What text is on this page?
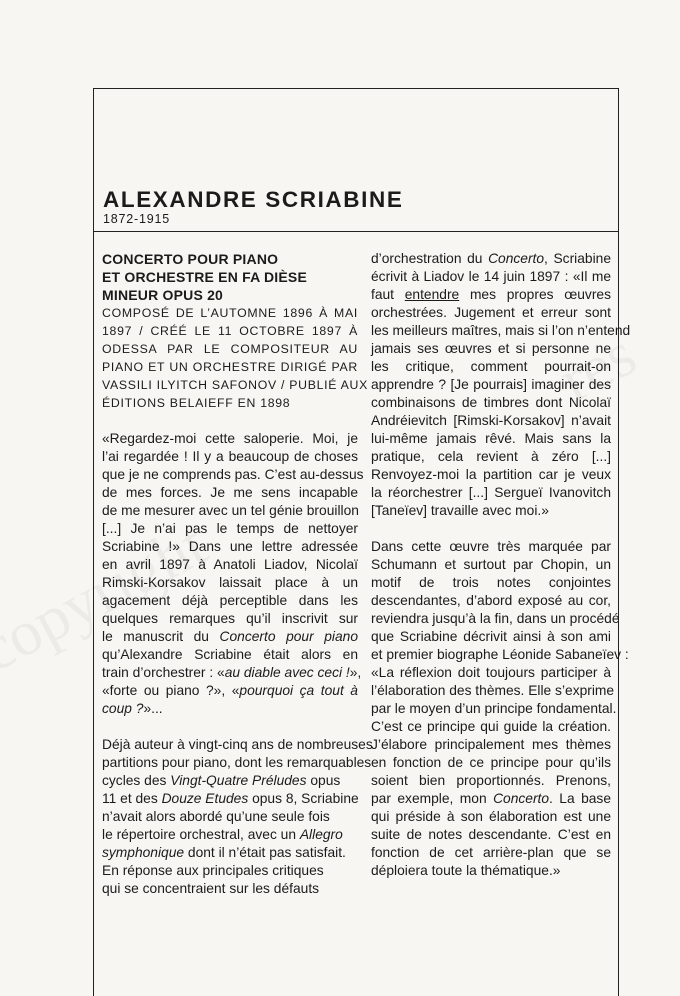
ALEXANDRE SCRIABINE
1872-1915
CONCERTO POUR PIANO
ET ORCHESTRE EN FA DIÈSE
MINEUR OPUS 20
COMPOSÉ DE L’AUTOMNE 1896 À MAI
1897 / CRÉÉ LE 11 OCTOBRE 1897 À
ODESSA PAR LE COMPOSITEUR AU
PIANO ET UN ORCHESTRE DIRIGÉ PAR
VASSILI ILYITCH SAFONOV / PUBLIÉ AUX
ÉDITIONS BELAIEFF EN 1898
«Regardez-moi cette saloperie. Moi, je
l’ai regardée ! Il y a beaucoup de choses
que je ne comprends pas. C’est au-dessus
de mes forces. Je me sens incapable
de me mesurer avec un tel génie brouillon
[...] Je n’ai pas le temps de nettoyer
Scriabine !» Dans une lettre adressée
en avril 1897 à Anatoli Liadov, Nicolaï
Rimski-Korsakov laissait place à un
agacement déjà perceptible dans les
quelques remarques qu’il inscrivit sur
le manuscrit du Concerto pour piano
qu’Alexandre Scriabine était alors en
train d’orchestrer : «au diable avec ceci !»,
«forte ou piano ?», «pourquoi ça tout à
coup ?»...
Déjà auteur à vingt-cinq ans de nombreuses
partitions pour piano, dont les remarquables
cycles des Vingt-Quatre Préludes opus
11 et des Douze Etudes opus 8, Scriabine
n’avait alors abordé qu’une seule fois
le répertoire orchestral, avec un Allegro
symphonique dont il n’était pas satisfait.
En réponse aux principales critiques
qui se concentraient sur les défauts
d’orchestration du Concerto, Scriabine
écrivit à Liadov le 14 juin 1897 : «Il me
faut entendre mes propres œuvres
orchestrées. Jugement et erreur sont
les meilleurs maîtres, mais si l’on n’entend
jamais ses œuvres et si personne ne
les critique, comment pourrait-on
apprendre ? [Je pourrais] imaginer des
combinaisons de timbres dont Nicolaï
Andréievitch [Rimski-Korsakov] n’avait
lui-même jamais rêvé. Mais sans la
pratique, cela revient à zéro [...]
Renvoyez-moi la partition car je veux
la réorchestrer [...] Sergueï Ivanovitch
[Taneïev] travaille avec moi.»
Dans cette œuvre très marquée par
Schumann et surtout par Chopin, un
motif de trois notes conjointes
descendantes, d’abord exposé au cor,
reviendra jusqu’à la fin, dans un procédé
que Scriabine décrivit ainsi à son ami
et premier biographe Léonide Sabaneïev :
«La réflexion doit toujours participer à
l’élaboration des thèmes. Elle s’exprime
par le moyen d’un principe fondamental.
C’est ce principe qui guide la création.
J’élabore principalement mes thèmes
en fonction de ce principe pour qu’ils
soient bien proportionnés. Prenons,
par exemple, mon Concerto. La base
qui préside à son élaboration est une
suite de notes descendante. C’est en
fonction de cet arrière-plan que se
déploiera toute la thématique.»
